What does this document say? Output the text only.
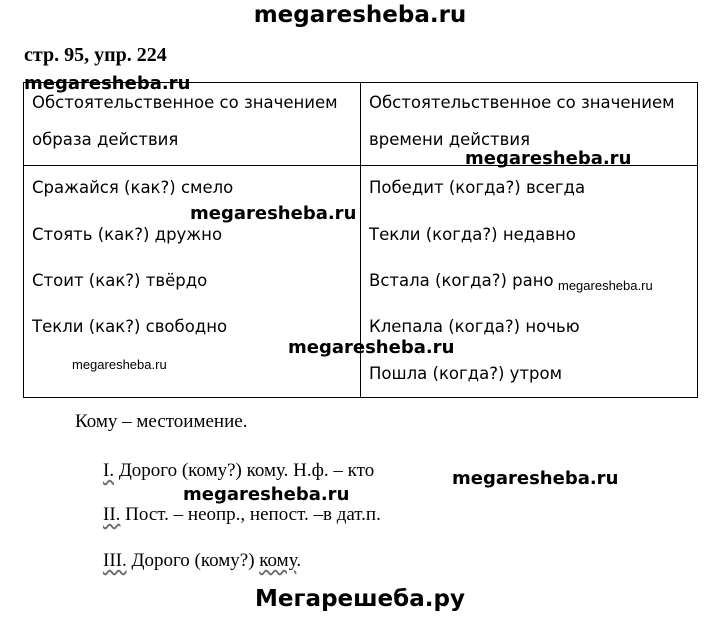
megaresheba.ru
стр. 95, упр. 224
Обстоятельственное со значением
образа действия
Обстоятельственное со значением
времени действия
Сражайся (как?) смело
Стоять (как?) дружно
Стоит (как?) твёрдо
Текли (как?) свободно
Победит (когда?) всегда
Текли (когда?) недавно
Встала (когда?) рано
Клепала (когда?) ночью
Пошла (когда?) утром
megaresheba.ru
megaresheba.ru
megaresheba.ru
megaresheba.ru
megaresheba.ru
megaresheba.ru
megaresheba.ru
megaresheba.ru
Кому – местоимение.
I. Дорого (кому?) кому. Н.ф. – кто
II. Пост. – неопр., непост. –в дат.п.
III. Дорого (кому?) кому.
Мегарешеба.ру
